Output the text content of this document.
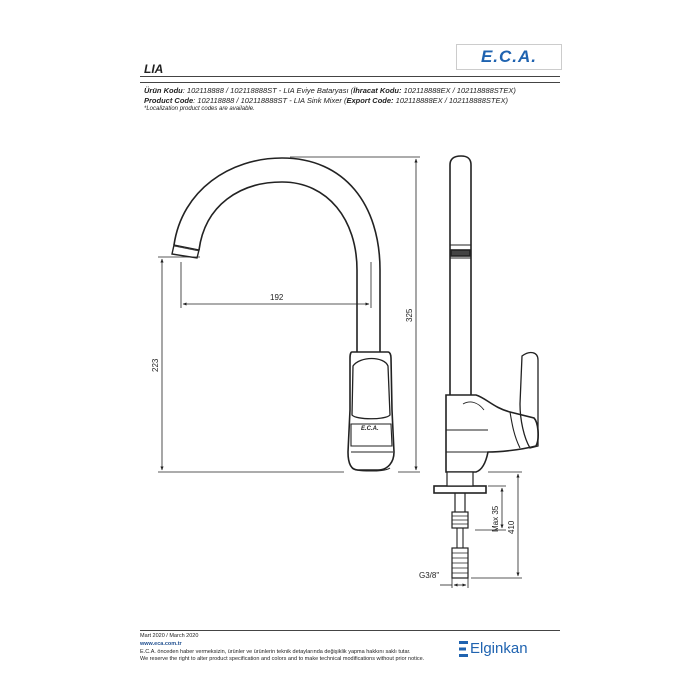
E.C.A.
LIA
Ürün Kodu: 102118888 / 102118888ST - LIA Eviye Bataryası (İhracat Kodu: 102118888EX / 102118888STEX)
Product Code: 102118888 / 102118888ST - LIA Sink Mixer (Export Code: 102118888EX / 102118888STEX)
*Localization product codes are available.
E.C.A.
192
223
325
Max 35 410
G3/8"
Mart 2020 / March 2020
www.eca.com.tr
E.C.A. önceden haber vermeksizin, ürünler ve ürünlerin teknik detaylarında değişiklik yapma hakkını saklı tutar.
We reserve the right to alter product specification and colors and to make technical modifications without prior notice.
Elginkan
